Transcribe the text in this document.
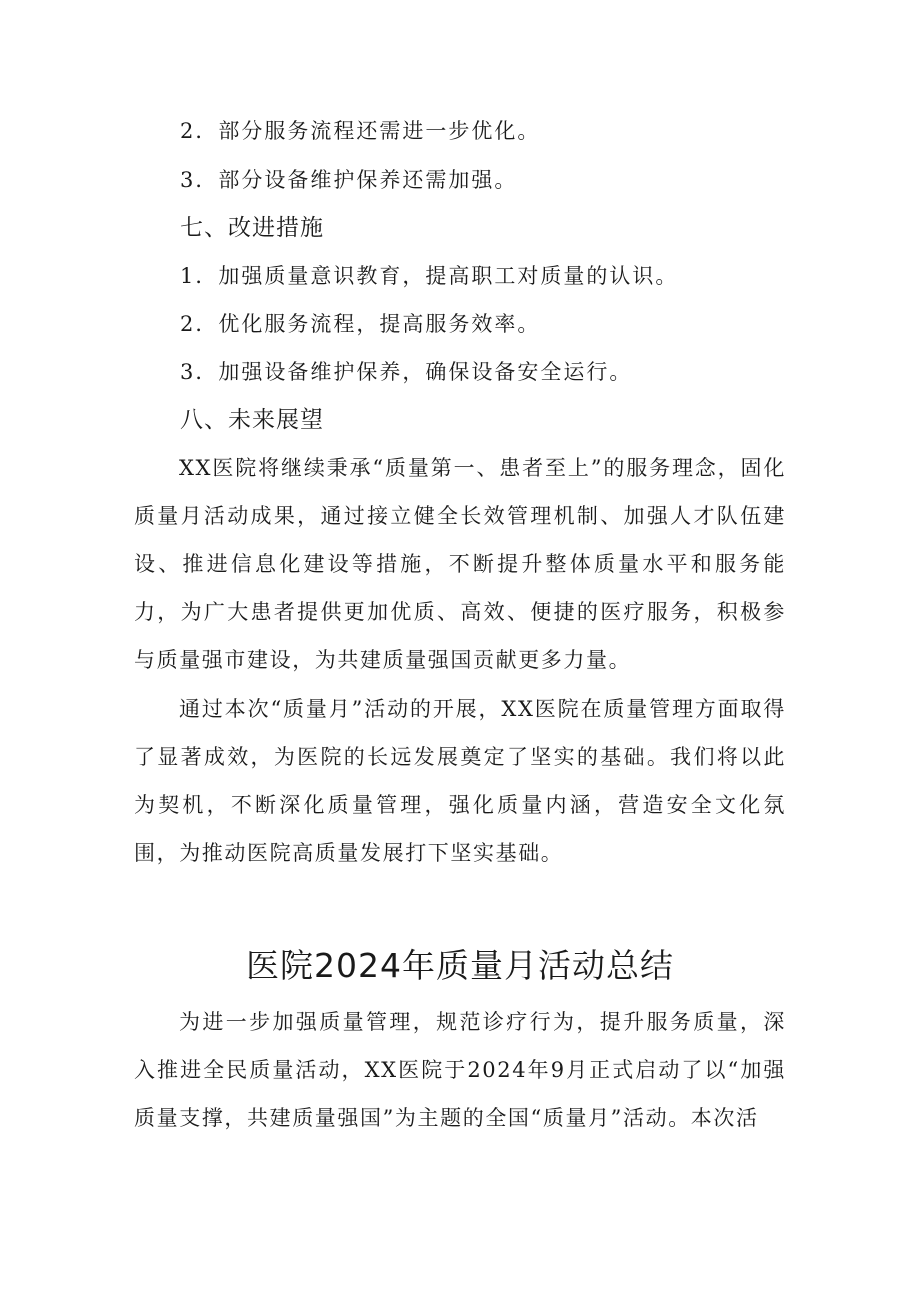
2．部分服务流程还需进一步优化。
3．部分设备维护保养还需加强。
七、改进措施
1．加强质量意识教育，提高职工对质量的认识。
2．优化服务流程，提高服务效率。
3．加强设备维护保养，确保设备安全运行。
八、未来展望

XX医院将继续秉承“质量第一、患者至上”的服务理念，固化质量月活动成果，通过接立健全长效管理机制、加强人才队伍建设、推进信息化建设等措施，不断提升整体质量水平和服务能力，为广大患者提供更加优质、高效、便捷的医疗服务，积极参与质量强市建设，为共建质量强国贡献更多力量。

通过本次“质量月”活动的开展，XX医院在质量管理方面取得了显著成效，为医院的长远发展奠定了坚实的基础。我们将以此为契机，不断深化质量管理，强化质量内涵，营造安全文化氛围，为推动医院高质量发展打下坚实基础。

医院2024年质量月活动总结

为进一步加强质量管理，规范诊疗行为，提升服务质量，深入推进全民质量活动，XX医院于2024年9月正式启动了以“加强质量支撑，共建质量强国”为主题的全国“质量月”活动。本次活
